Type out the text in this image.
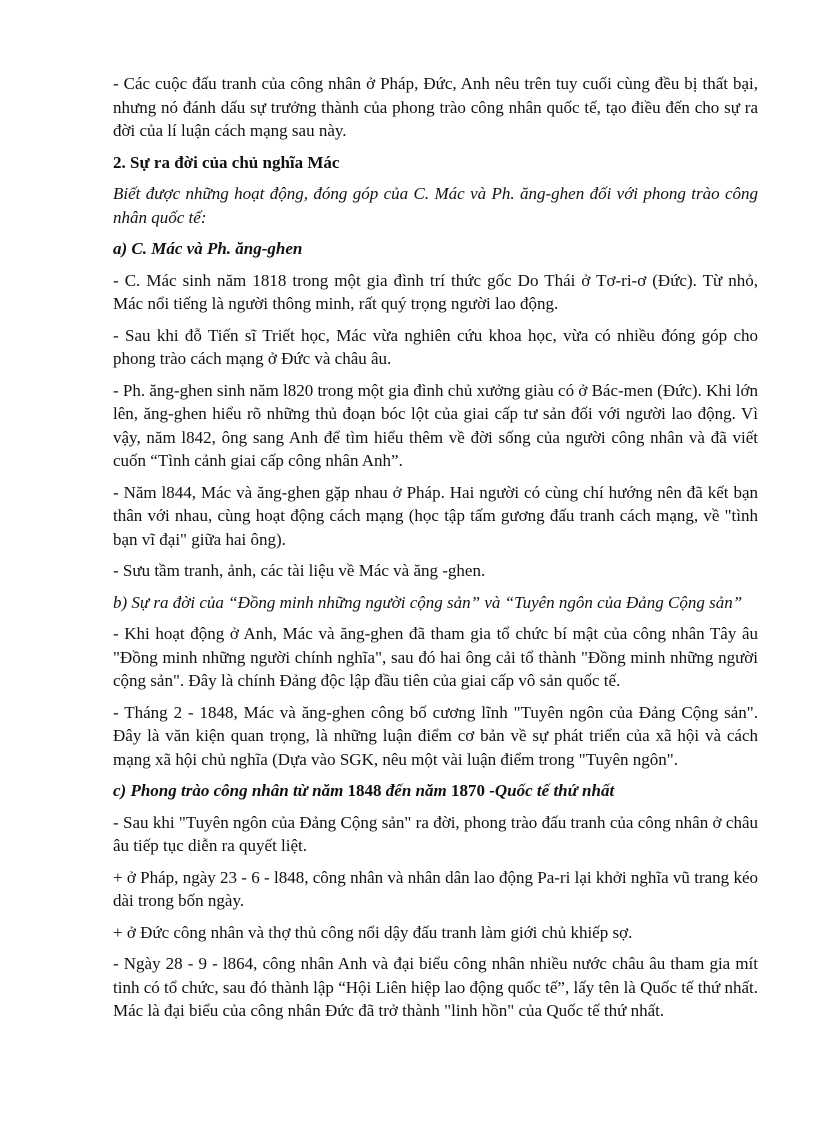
- Các cuộc đấu tranh của công nhân ở Pháp, Đức, Anh nêu trên tuy cuối cùng đều bị thất bại, nhưng nó đánh dấu sự trưởng thành của phong trào công nhân quốc tế, tạo điều đến cho sự ra đời của lí luận cách mạng sau này.

2. Sự ra đời của chủ nghĩa Mác

Biết được những hoạt động, đóng góp của C. Mác và Ph. ăng-ghen đối với phong trào công nhân quốc tế:

a) C. Mác và Ph. ăng-ghen

- C. Mác sinh năm 1818 trong một gia đình trí thức gốc Do Thái ở Tơ-ri-ơ (Đức). Từ nhỏ, Mác nổi tiếng là người thông minh, rất quý trọng người lao động.

- Sau khi đỗ Tiến sĩ Triết học, Mác vừa nghiên cứu khoa học, vừa có nhiều đóng góp cho phong trào cách mạng ở Đức và châu âu.

- Ph. ăng-ghen sinh năm l820 trong một gia đình chủ xưởng giàu có ở Bác-men (Đức). Khi lớn lên, ăng-ghen hiểu rõ những thủ đoạn bóc lột của giai cấp tư sản đối với người lao động. Vì vậy, năm l842, ông sang Anh để tìm hiểu thêm về đời sống của người công nhân và đã viết cuốn “Tình cảnh giai cấp công nhân Anh”.

- Năm l844, Mác và ăng-ghen gặp nhau ở Pháp. Hai người có cùng chí hướng nên đã kết bạn thân với nhau, cùng hoạt động cách mạng (học tập tấm gương đấu tranh cách mạng, về "tình bạn vĩ đại" giữa hai ông).

- Sưu tầm tranh, ảnh, các tài liệu về Mác và ăng -ghen.

b) Sự ra đời của “Đồng minh những người cộng sản” và “Tuyên ngôn của Đảng Cộng sản”

- Khi hoạt động ở Anh, Mác và ăng-ghen đã tham gia tổ chức bí mật của công nhân Tây âu "Đồng minh những người chính nghĩa", sau đó hai ông cải tổ thành "Đồng minh những người cộng sản". Đây là chính Đảng độc lập đầu tiên của giai cấp vô sản quốc tế.

- Tháng 2 - 1848, Mác và ăng-ghen công bố cương lĩnh "Tuyên ngôn của Đảng Cộng sản". Đây là văn kiện quan trọng, là những luận điểm cơ bản về sự phát triển của xã hội và cách mạng xã hội chủ nghĩa (Dựa vào SGK, nêu một vài luận điểm trong "Tuyên ngôn".

c) Phong trào công nhân từ năm 1848 đến năm 1870 -Quốc tế thứ nhất

- Sau khi "Tuyên ngôn của Đảng Cộng sản" ra đời, phong trào đấu tranh của công nhân ở châu âu tiếp tục diễn ra quyết liệt.

+ ở Pháp, ngày 23 - 6 - l848, công nhân và nhân dân lao động Pa-ri lại khởi nghĩa vũ trang kéo dài trong bốn ngày.

+ ở Đức công nhân và thợ thủ công nổi dậy đấu tranh làm giới chủ khiếp sợ.

- Ngày 28 - 9 - l864, công nhân Anh và đại biểu công nhân nhiều nước châu âu tham gia mít tinh có tổ chức, sau đó thành lập “Hội Liên hiệp lao động quốc tế”, lấy tên là Quốc tế thứ nhất. Mác là đại biểu của công nhân Đức đã trở thành "linh hồn" của Quốc tế thứ nhất.
